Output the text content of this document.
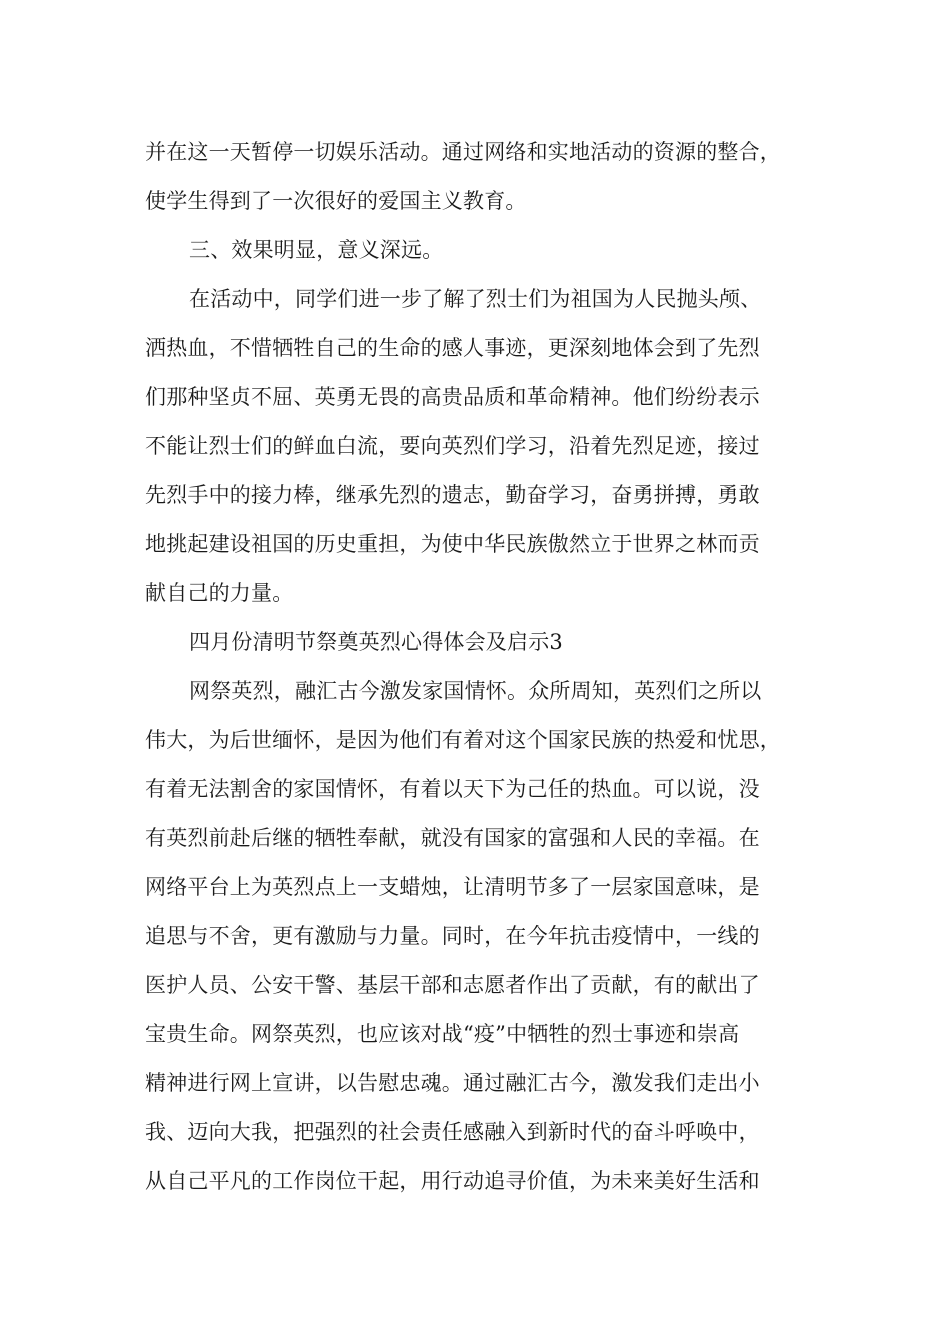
并在这一天暂停一切娱乐活动。通过网络和实地活动的资源的整合，
使学生得到了一次很好的爱国主义教育。
三、效果明显，意义深远。
在活动中，同学们进一步了解了烈士们为祖国为人民抛头颅、
洒热血，不惜牺牲自己的生命的感人事迹，更深刻地体会到了先烈
们那种坚贞不屈、英勇无畏的高贵品质和革命精神。他们纷纷表示
不能让烈士们的鲜血白流，要向英烈们学习，沿着先烈足迹，接过
先烈手中的接力棒，继承先烈的遗志，勤奋学习，奋勇拼搏，勇敢
地挑起建设祖国的历史重担，为使中华民族傲然立于世界之林而贡
献自己的力量。
四月份清明节祭奠英烈心得体会及启示3
网祭英烈，融汇古今激发家国情怀。众所周知，英烈们之所以
伟大，为后世缅怀，是因为他们有着对这个国家民族的热爱和忧思，
有着无法割舍的家国情怀，有着以天下为己任的热血。可以说，没
有英烈前赴后继的牺牲奉献，就没有国家的富强和人民的幸福。在
网络平台上为英烈点上一支蜡烛，让清明节多了一层家国意味，是
追思与不舍，更有激励与力量。同时，在今年抗击疫情中，一线的
医护人员、公安干警、基层干部和志愿者作出了贡献，有的献出了
宝贵生命。网祭英烈，也应该对战“疫”中牺牲的烈士事迹和崇高
精神进行网上宣讲，以告慰忠魂。通过融汇古今，激发我们走出小
我、迈向大我，把强烈的社会责任感融入到新时代的奋斗呼唤中，
从自己平凡的工作岗位干起，用行动追寻价值，为未来美好生活和
